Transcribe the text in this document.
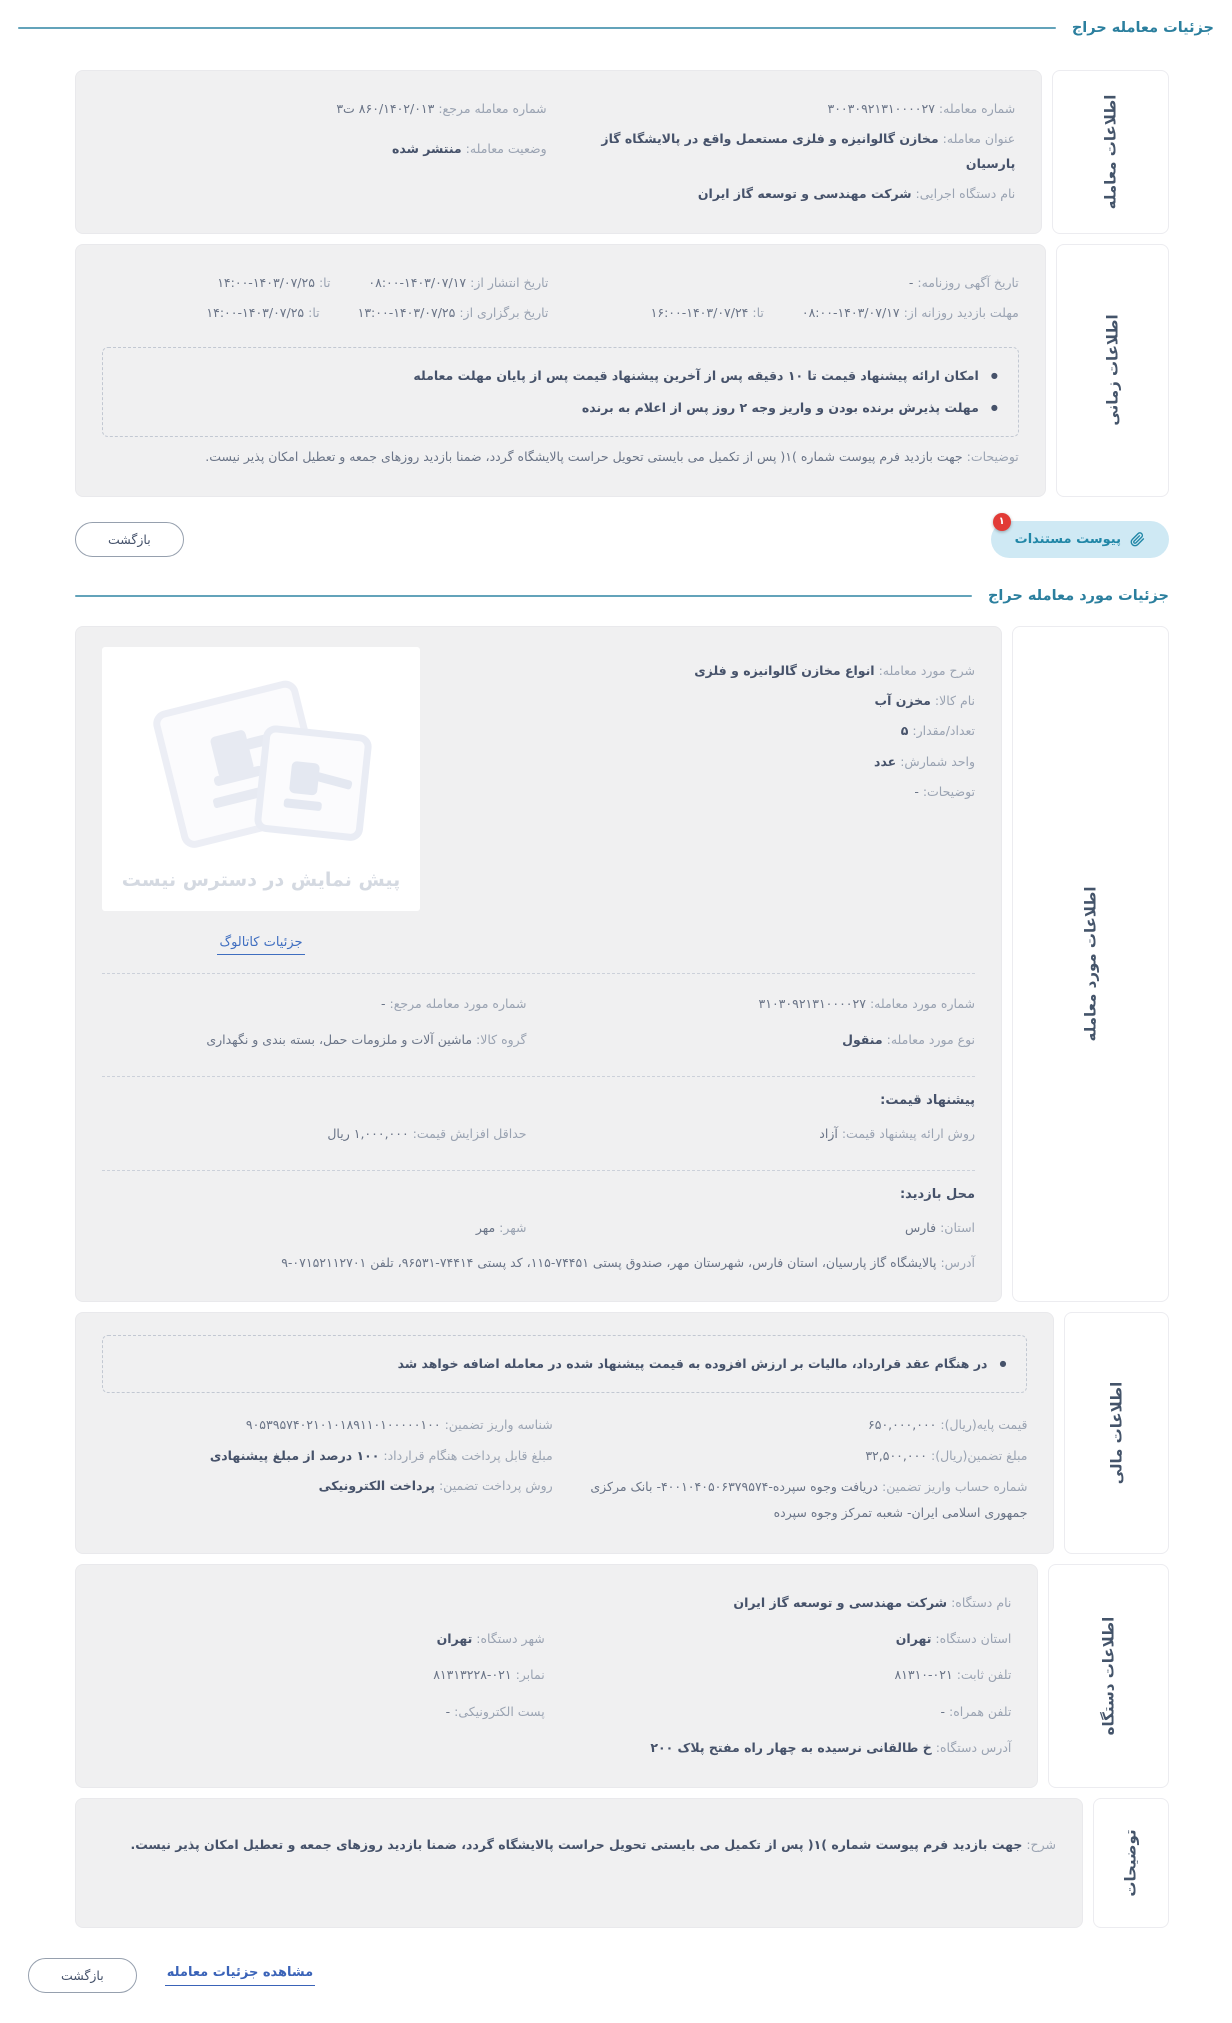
جزئیات معامله حراج
اطلاعات معامله
شماره معامله: ۳۰۰۳۰۹۲۱۳۱۰۰۰۰۲۷
عنوان معامله: مخازن گالوانیزه و فلزی مستعمل واقع در پالایشگاه گاز پارسیان
نام دستگاه اجرایی: شرکت مهندسی و توسعه گاز ایران
شماره معامله مرجع: ۸۶۰/۱۴۰۲/۰۱۳ ت۳
وضعیت معامله: منتشر شده
اطلاعات زمانی
تاریخ آگهی روزنامه: -
مهلت بازدید روزانه از: ۱۴۰۳/۰۷/۱۷-۰۸:۰۰ تا: ۱۴۰۳/۰۷/۲۴-۱۶:۰۰
تاریخ انتشار از: ۱۴۰۳/۰۷/۱۷-۰۸:۰۰ تا: ۱۴۰۳/۰۷/۲۵-۱۴:۰۰
تاریخ برگزاری از: ۱۴۰۳/۰۷/۲۵-۱۳:۰۰ تا: ۱۴۰۳/۰۷/۲۵-۱۴:۰۰
●
امکان ارائه پیشنهاد قیمت تا ۱۰ دقیقه پس از آخرین پیشنهاد قیمت پس از پایان مهلت معامله
●
مهلت پذیرش برنده بودن و واریز وجه ۲ روز پس از اعلام به برنده
توضیحات: جهت بازدید فرم پیوست شماره )۱( پس از تکمیل می بایستی تحویل حراست پالایشگاه گردد، ضمنا بازدید روزهای جمعه و تعطیل امکان پذیر نیست.
۱
پیوست مستندات
بازگشت
جزئیات مورد معامله حراج
اطلاعات مورد معامله
شرح مورد معامله: انواع مخازن گالوانیزه و فلزی
نام کالا: مخزن آب
تعداد/مقدار: ۵
واحد شمارش: عدد
توضیحات: -
پیش نمایش در دسترس نیست
جزئیات کاتالوگ
شماره مورد معامله: ۳۱۰۳۰۹۲۱۳۱۰۰۰۰۲۷
شماره مورد معامله مرجع: -
نوع مورد معامله: منقول
گروه کالا: ماشین آلات و ملزومات حمل، بسته بندی و نگهداری
پیشنهاد قیمت:
روش ارائه پیشنهاد قیمت: آزاد
حداقل افزایش قیمت: ۱,۰۰۰,۰۰۰ ریال
محل بازدید:
استان: فارس
شهر: مهر
آدرس: پالایشگاه گاز پارسیان، استان فارس، شهرستان مهر، صندوق پستی ۷۴۴۵۱-۱۱۵، کد پستی ۷۴۴۱۴-۹۶۵۳۱، تلفن ۰۷۱۵۲۱۱۲۷۰۱-۹
اطلاعات مالی
●
در هنگام عقد قرارداد، مالیات بر ارزش افزوده به قیمت پیشنهاد شده در معامله اضافه خواهد شد
قیمت پایه(ریال): ۶۵۰,۰۰۰,۰۰۰
مبلغ تضمین(ریال): ۳۲,۵۰۰,۰۰۰
شماره حساب واریز تضمین: دریافت وجوه سپرده-۴۰۰۱۰۴۰۵۰۶۳۷۹۵۷۴- بانک مرکزی جمهوری اسلامی ایران- شعبه تمرکز وجوه سپرده
شناسه واریز تضمین: ۹۰۵۳۹۵۷۴۰۲۱۰۱۰۱۸۹۱۱۰۱۰۰۰۰۰۱۰۰
مبلغ قابل پرداخت هنگام قرارداد: ۱۰۰ درصد از مبلغ پیشنهادی
روش پرداخت تضمین: پرداخت الکترونیکی
اطلاعات دستگاه
نام دستگاه: شرکت مهندسی و توسعه گاز ایران
استان دستگاه: تهران
شهر دستگاه: تهران
تلفن ثابت: ۰۲۱-۸۱۳۱۰
نمابر: ۰۲۱-۸۱۳۱۳۲۲۸
تلفن همراه: -
پست الکترونیکی: -
آدرس دستگاه: خ طالقانی نرسیده به چهار راه مفتح پلاک ۲۰۰
توضیحات
شرح: جهت بازدید فرم پیوست شماره )۱( پس از تکمیل می بایستی تحویل حراست پالایشگاه گردد، ضمنا بازدید روزهای جمعه و تعطیل امکان پذیر نیست.
مشاهده جزئیات معامله
بازگشت
